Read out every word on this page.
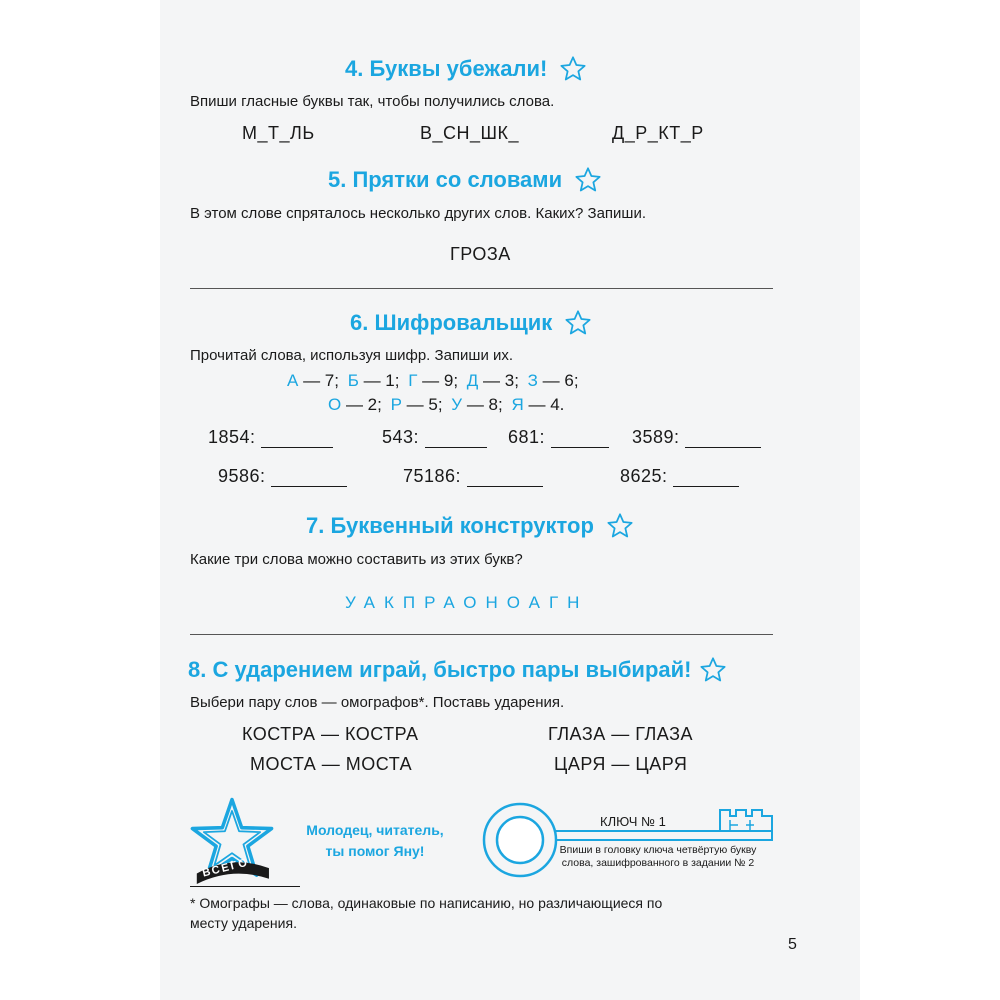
4. Буквы убежали!
Впиши гласные буквы так, чтобы получились слова.
М_Т_ЛЬ	В_СН_ШК_	Д_Р_КТ_Р
5. Прятки со словами
В этом слове спряталось несколько других слов. Каких? Запиши.
ГРОЗА
6. Шифровальщик
Прочитай слова, используя шифр. Запиши их.
А — 7; Б — 1; Г — 9; Д — 3; З — 6;
О — 2; Р — 5; У — 8; Я — 4.
1854:	543:	681:	3589:
9586:	75186:	8625:
7. Буквенный конструктор
Какие три слова можно составить из этих букв?
УАКПРАОНОАГН
8. С ударением играй, быстро пары выбирай!
Выбери пару слов — омографов*. Поставь ударения.
КОСТРА — КОСТРА	ГЛАЗА — ГЛАЗА
МОСТА — МОСТА	ЦАРЯ — ЦАРЯ
ВСЕГО
Молодец, читатель,
ты помог Яну!
КЛЮЧ № 1
Впиши в головку ключа четвёртую букву
слова, зашифрованного в задании № 2
* Омографы — слова, одинаковые по написанию, но различающиеся по
месту ударения.
5
